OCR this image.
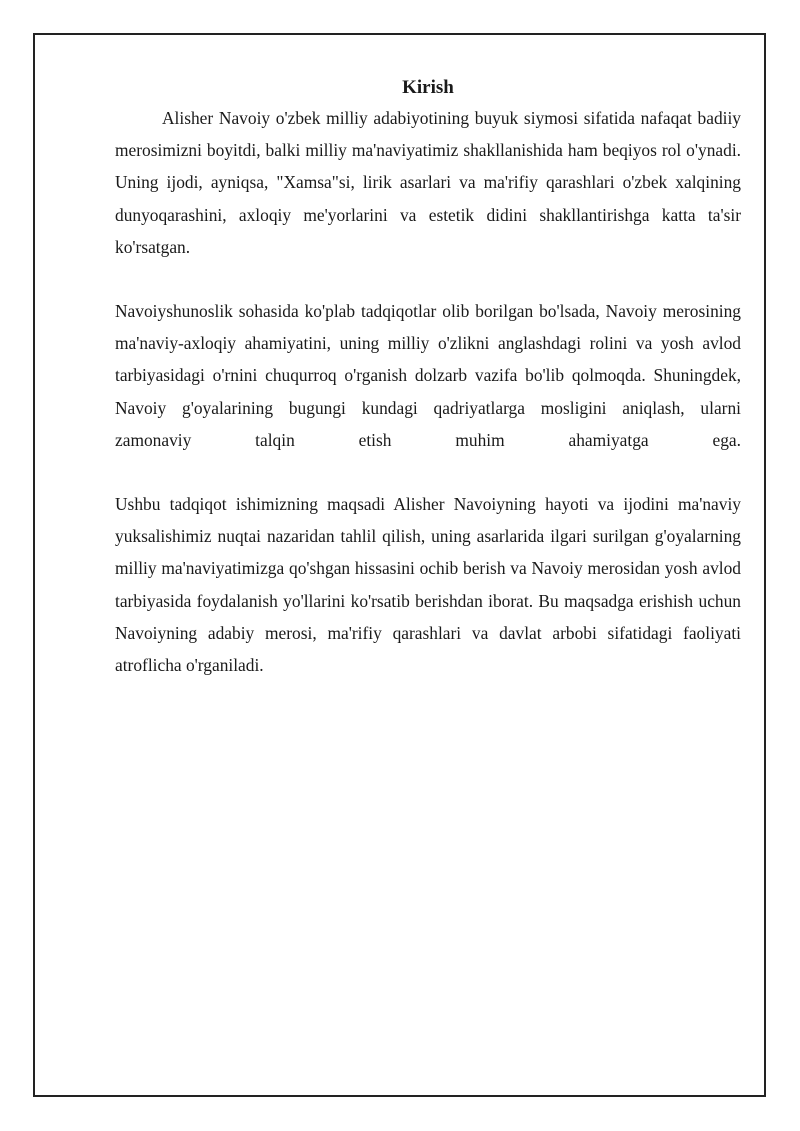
Kirish

Alisher Navoiy o'zbek milliy adabiyotining buyuk siymosi sifatida nafaqat badiiy merosimizni boyitdi, balki milliy ma'naviyatimiz shakllanishida ham beqiyos rol o'ynadi. Uning ijodi, ayniqsa, "Xamsa"si, lirik asarlari va ma'rifiy qarashlari o'zbek xalqining dunyoqarashini, axloqiy me'yorlarini va estetik didini shakllantirishga katta ta'sir ko'rsatgan.

Navoiyshunoslik sohasida ko'plab tadqiqotlar olib borilgan bo'lsada, Navoiy merosining ma'naviy-axloqiy ahamiyatini, uning milliy o'zlikni anglashdagi rolini va yosh avlod tarbiyasidagi o'rnini chuqurroq o'rganish dolzarb vazifa bo'lib qolmoqda. Shuningdek, Navoiy g'oyalarining bugungi kundagi qadriyatlarga mosligini aniqlash, ularni zamonaviy talqin etish muhim ahamiyatga ega.

Ushbu tadqiqot ishimizning maqsadi Alisher Navoiyning hayoti va ijodini ma'naviy yuksalishimiz nuqtai nazaridan tahlil qilish, uning asarlarida ilgari surilgan g'oyalarning milliy ma'naviyatimizga qo'shgan hissasini ochib berish va Navoiy merosidan yosh avlod tarbiyasida foydalanish yo'llarini ko'rsatib berishdan iborat. Bu maqsadga erishish uchun Navoiyning adabiy merosi, ma'rifiy qarashlari va davlat arbobi sifatidagi faoliyati atroflicha o'rganiladi.
